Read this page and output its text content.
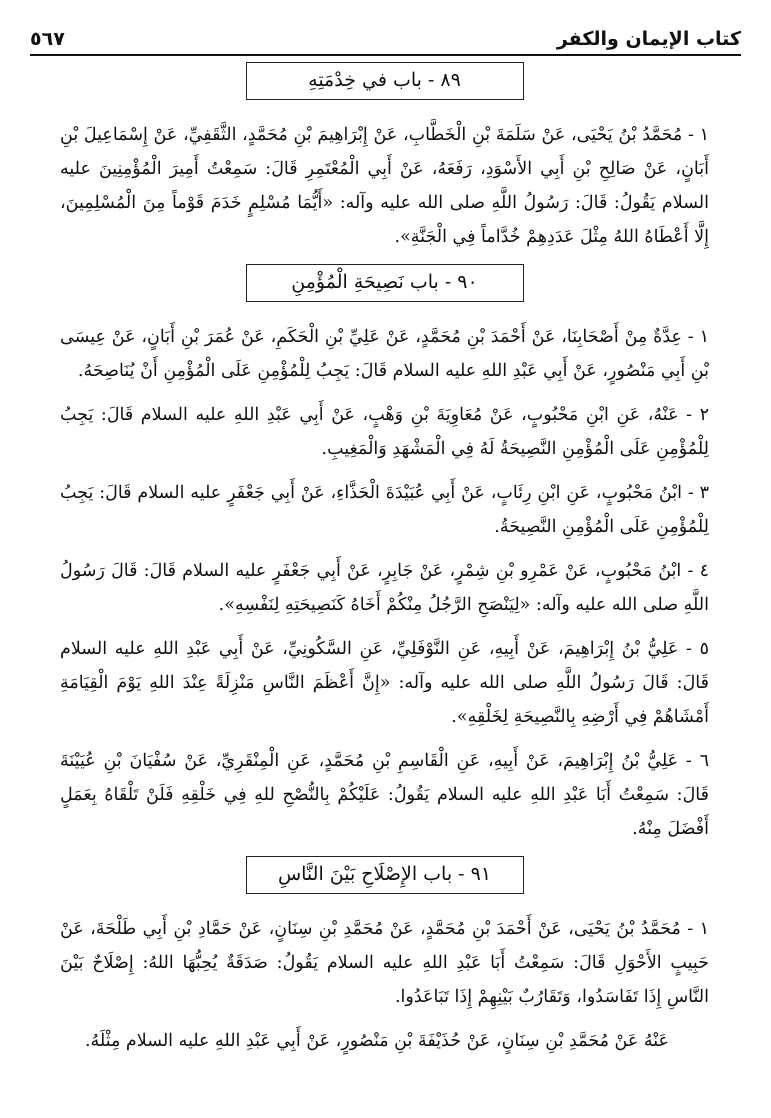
كتاب الإيمان والكفر
٥٦٧
٨٩ - باب في خِدْمَتِهِ

١ - مُحَمَّدُ بْنُ يَحْيَى، عَنْ سَلَمَةَ بْنِ الْخَطَّابِ، عَنْ إِبْرَاهِيمَ بْنِ مُحَمَّدٍ، الثَّقَفِيِّ، عَنْ إِسْمَاعِيلَ بْنِ أَبَانٍ، عَنْ صَالِحِ بْنِ أَبِي الأَسْوَدِ، رَفَعَهُ، عَنْ أَبِي الْمُعْتَمِرِ قَالَ: سَمِعْتُ أَمِيرَ الْمُؤْمِنِينَ عليه السلام يَقُولُ: قَالَ: رَسُولُ اللَّهِ صلى الله عليه وآله: «أَيُّمَا مُسْلِمٍ خَدَمَ قَوْماً مِنَ الْمُسْلِمِينَ، إِلَّا أَعْطَاهُ اللهُ مِثْلَ عَدَدِهِمْ خُدَّاماً فِي الْجَنَّةِ».

٩٠ - باب نَصِيحَةِ الْمُؤْمِنِ

١ - عِدَّةٌ مِنْ أَصْحَابِنَا، عَنْ أَحْمَدَ بْنِ مُحَمَّدٍ، عَنْ عَلِيِّ بْنِ الْحَكَمِ، عَنْ عُمَرَ بْنِ أَبَانٍ، عَنْ عِيسَى بْنِ أَبِي مَنْصُورٍ، عَنْ أَبِي عَبْدِ اللهِ عليه السلام قَالَ: يَجِبُ لِلْمُؤْمِنِ عَلَى الْمُؤْمِنِ أَنْ يُنَاصِحَهُ.

٢ - عَنْهُ، عَنِ ابْنِ مَحْبُوبٍ، عَنْ مُعَاوِيَةَ بْنِ وَهْبٍ، عَنْ أَبِي عَبْدِ اللهِ عليه السلام قَالَ: يَجِبُ لِلْمُؤْمِنِ عَلَى الْمُؤْمِنِ النَّصِيحَةُ لَهُ فِي الْمَشْهَدِ وَالْمَغِيبِ.

٣ - ابْنُ مَحْبُوبٍ، عَنِ ابْنِ رِئَابٍ، عَنْ أَبِي عُبَيْدَةَ الْحَذَّاءِ، عَنْ أَبِي جَعْفَرٍ عليه السلام قَالَ: يَجِبُ لِلْمُؤْمِنِ عَلَى الْمُؤْمِنِ النَّصِيحَةُ.

٤ - ابْنُ مَحْبُوبٍ، عَنْ عَمْرِو بْنِ شِمْرٍ، عَنْ جَابِرٍ، عَنْ أَبِي جَعْفَرٍ عليه السلام قَالَ: قَالَ رَسُولُ اللَّهِ صلى الله عليه وآله: «لِيَنْصَحِ الرَّجُلُ مِنْكُمْ أَخَاهُ كَنَصِيحَتِهِ لِنَفْسِهِ».

٥ - عَلِيُّ بْنُ إِبْرَاهِيمَ، عَنْ أَبِيهِ، عَنِ النَّوْفَلِيِّ، عَنِ السَّكُونِيِّ، عَنْ أَبِي عَبْدِ اللهِ عليه السلام قَالَ: قَالَ رَسُولُ اللَّهِ صلى الله عليه وآله: «إِنَّ أَعْظَمَ النَّاسِ مَنْزِلَةً عِنْدَ اللهِ يَوْمَ الْقِيَامَةِ أَمْشَاهُمْ فِي أَرْضِهِ بِالنَّصِيحَةِ لِخَلْقِهِ».

٦ - عَلِيُّ بْنُ إِبْرَاهِيمَ، عَنْ أَبِيهِ، عَنِ الْقَاسِمِ بْنِ مُحَمَّدٍ، عَنِ الْمِنْقَرِيِّ، عَنْ سُفْيَانَ بْنِ عُيَيْنَةَ قَالَ: سَمِعْتُ أَبَا عَبْدِ اللهِ عليه السلام يَقُولُ: عَلَيْكُمْ بِالنُّصْحِ للهِ فِي خَلْقِهِ فَلَنْ تَلْقَاهُ بِعَمَلٍ أَفْضَلَ مِنْهُ.

٩١ - باب الإِصْلَاحِ بَيْنَ النَّاسِ

١ - مُحَمَّدُ بْنُ يَحْيَى، عَنْ أَحْمَدَ بْنِ مُحَمَّدٍ، عَنْ مُحَمَّدِ بْنِ سِنَانٍ، عَنْ حَمَّادِ بْنِ أَبِي طَلْحَةَ، عَنْ حَبِيبٍ الأَحْوَلِ قَالَ: سَمِعْتُ أَبَا عَبْدِ اللهِ عليه السلام يَقُولُ: صَدَقَةٌ يُحِبُّهَا اللهُ: إِصْلَاحٌ بَيْنَ النَّاسِ إِذَا تَفَاسَدُوا، وَتَقَارُبٌ بَيْنِهِمْ إِذَا تَبَاعَدُوا.

عَنْهُ عَنْ مُحَمَّدِ بْنِ سِنَانٍ، عَنْ حُذَيْفَةَ بْنِ مَنْصُورٍ، عَنْ أَبِي عَبْدِ اللهِ عليه السلام مِثْلَهُ.
